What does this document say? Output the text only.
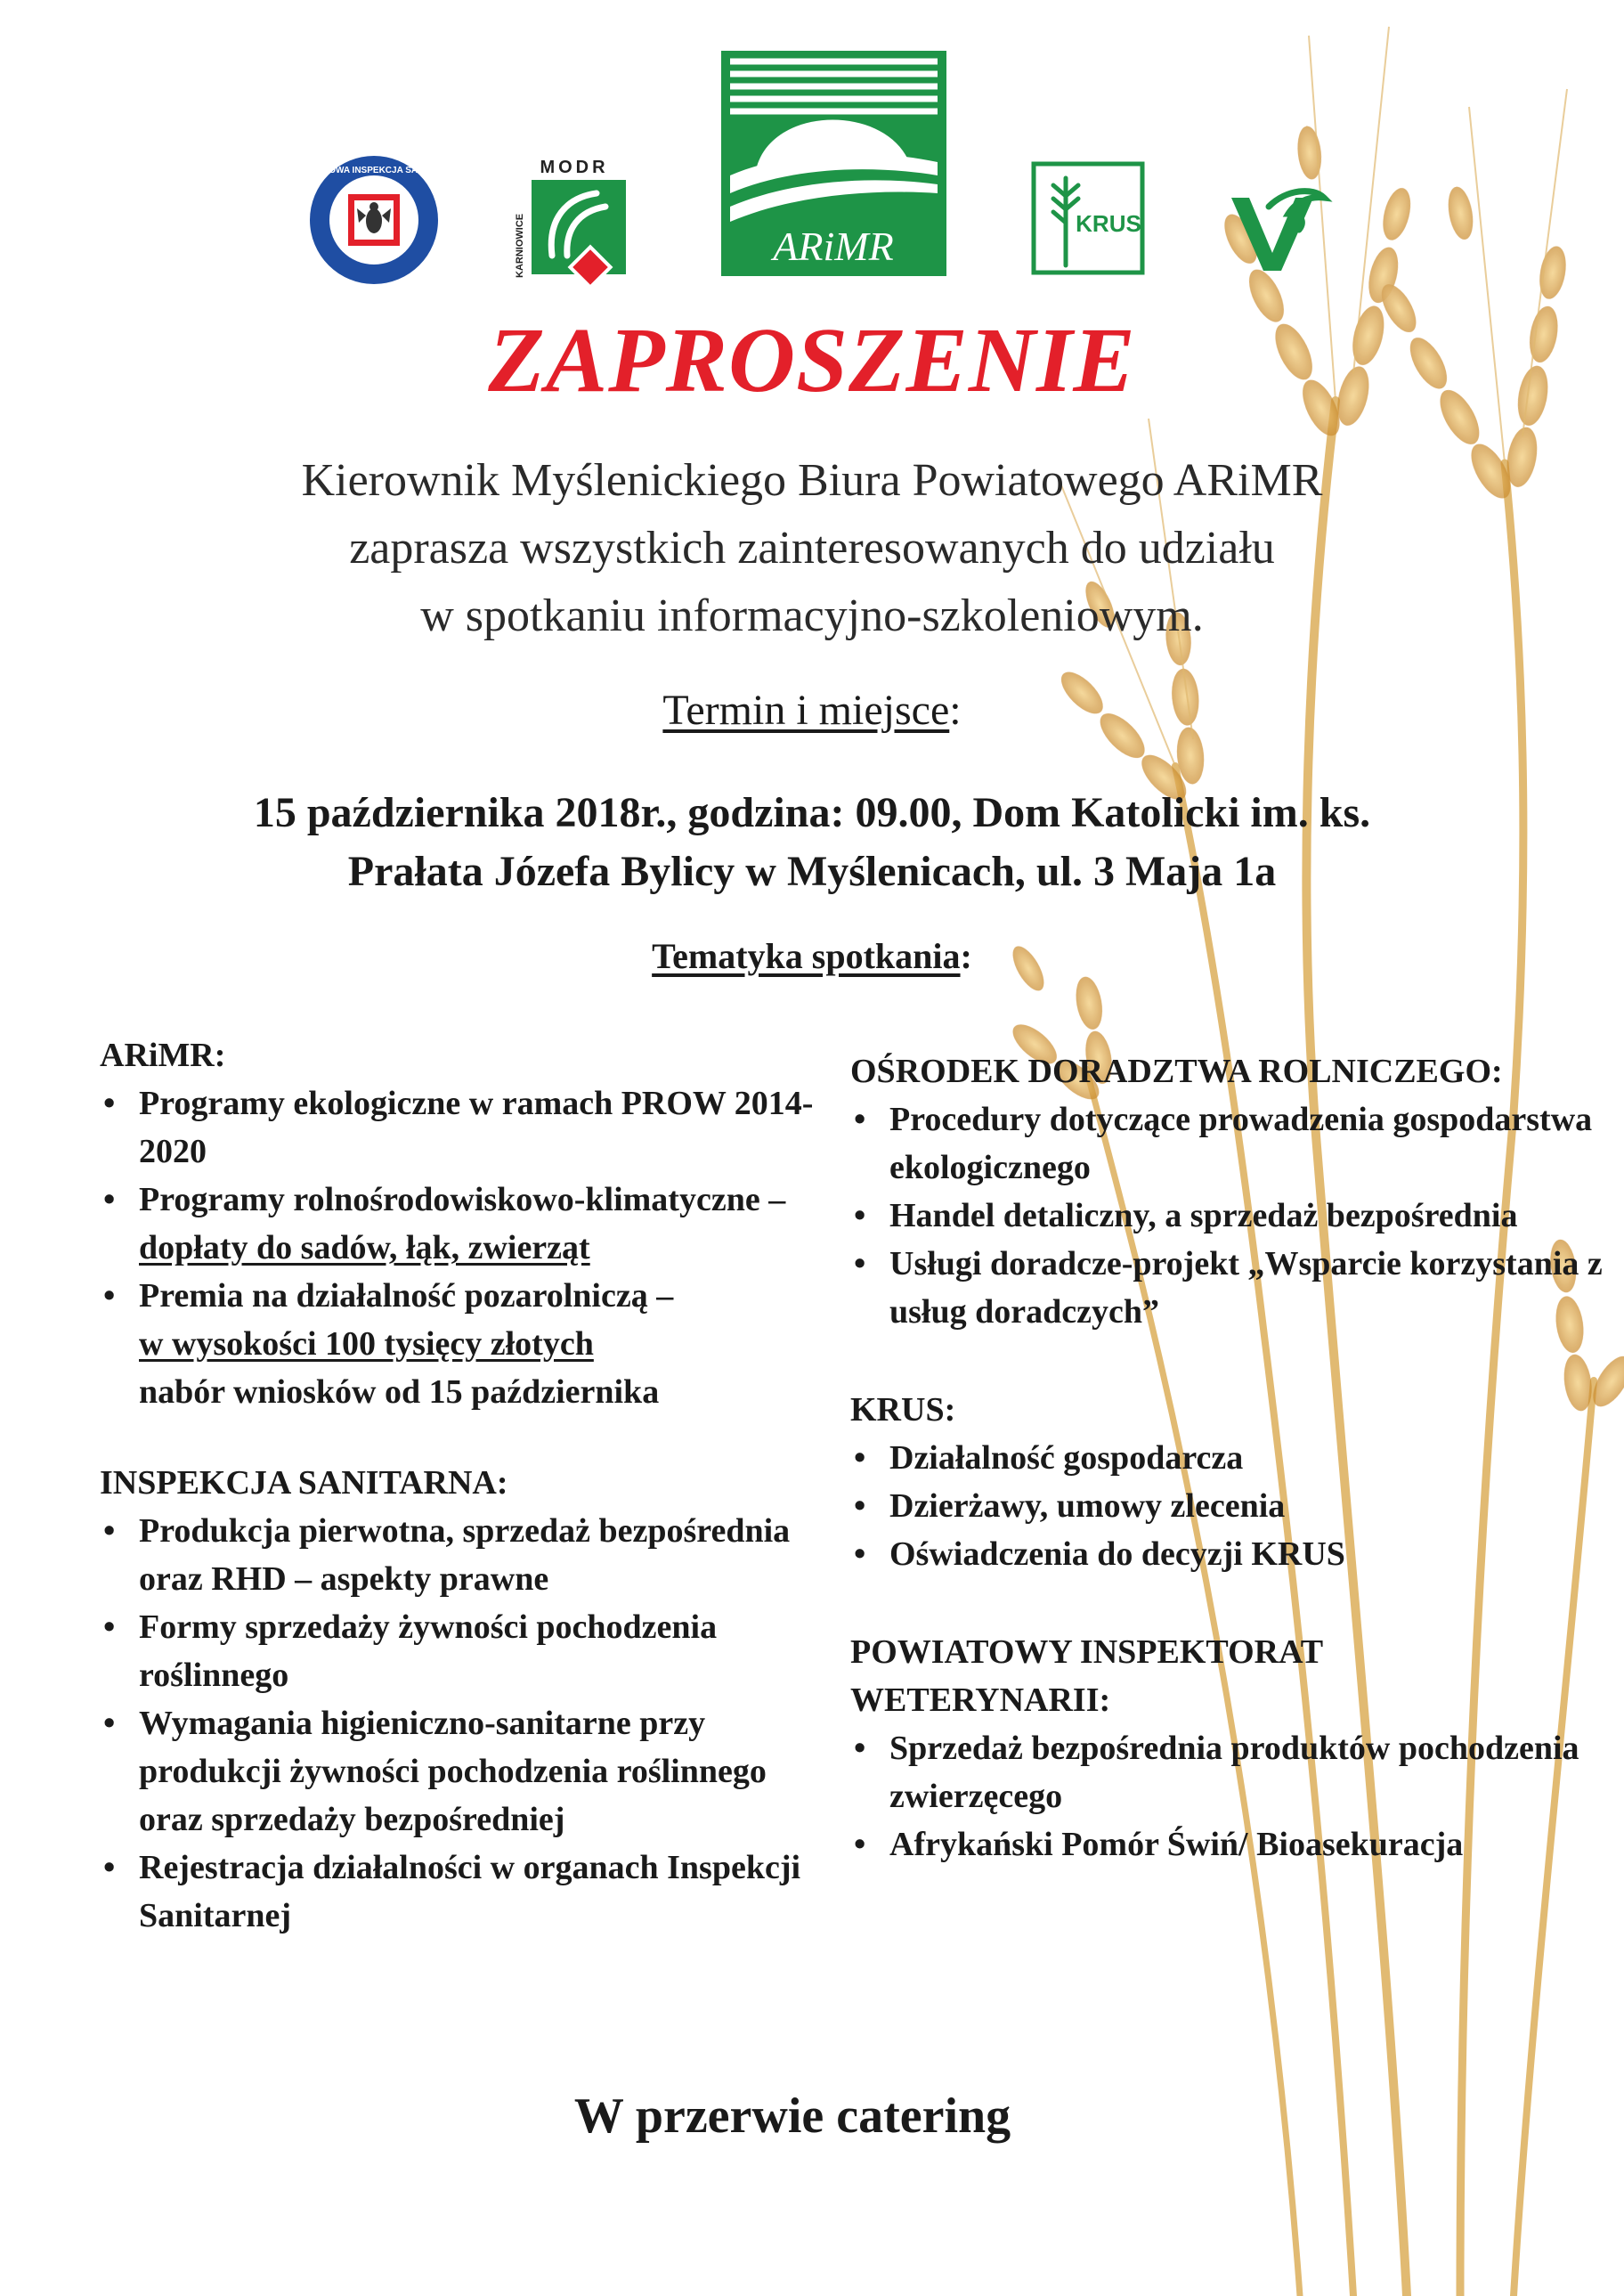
PAŃSTWOWA INSPEKCJA SANITARNA	MODR
KARNIOWICE	ARiMR	KRUS
ZAPROSZENIE
Kierownik Myślenickiego Biura Powiatowego ARiMR
zaprasza wszystkich zainteresowanych do udziału
w spotkaniu informacyjno-szkoleniowym.
Termin i miejsce:
15 października 2018r., godzina: 09.00, Dom Katolicki im. ks.
Prałata Józefa Bylicy w Myślenicach, ul. 3 Maja 1a
Tematyka spotkania:
ARiMR:
• Programy ekologiczne w ramach PROW 2014-2020
• Programy rolnośrodowiskowo-klimatyczne – dopłaty do sadów, łąk, zwierząt
• Premia na działalność pozarolniczą –
w wysokości 100 tysięcy złotych
nabór wniosków od 15 października
INSPEKCJA SANITARNA:
• Produkcja pierwotna, sprzedaż bezpośrednia oraz RHD – aspekty prawne
• Formy sprzedaży żywności pochodzenia roślinnego
• Wymagania higieniczno-sanitarne przy produkcji żywności pochodzenia roślinnego oraz sprzedaży bezpośredniej
• Rejestracja działalności w organach Inspekcji Sanitarnej
OŚRODEK DORADZTWA ROLNICZEGO:
• Procedury dotyczące prowadzenia gospodarstwa ekologicznego
• Handel detaliczny, a sprzedaż bezpośrednia
• Usługi doradcze-projekt „Wsparcie korzystania z usług doradczych”
KRUS:
• Działalność gospodarcza
• Dzierżawy, umowy zlecenia
• Oświadczenia do decyzji KRUS
POWIATOWY INSPEKTORAT
WETERYNARII:
• Sprzedaż bezpośrednia produktów pochodzenia zwierzęcego
• Afrykański Pomór Świń/ Bioasekuracja
W przerwie catering
